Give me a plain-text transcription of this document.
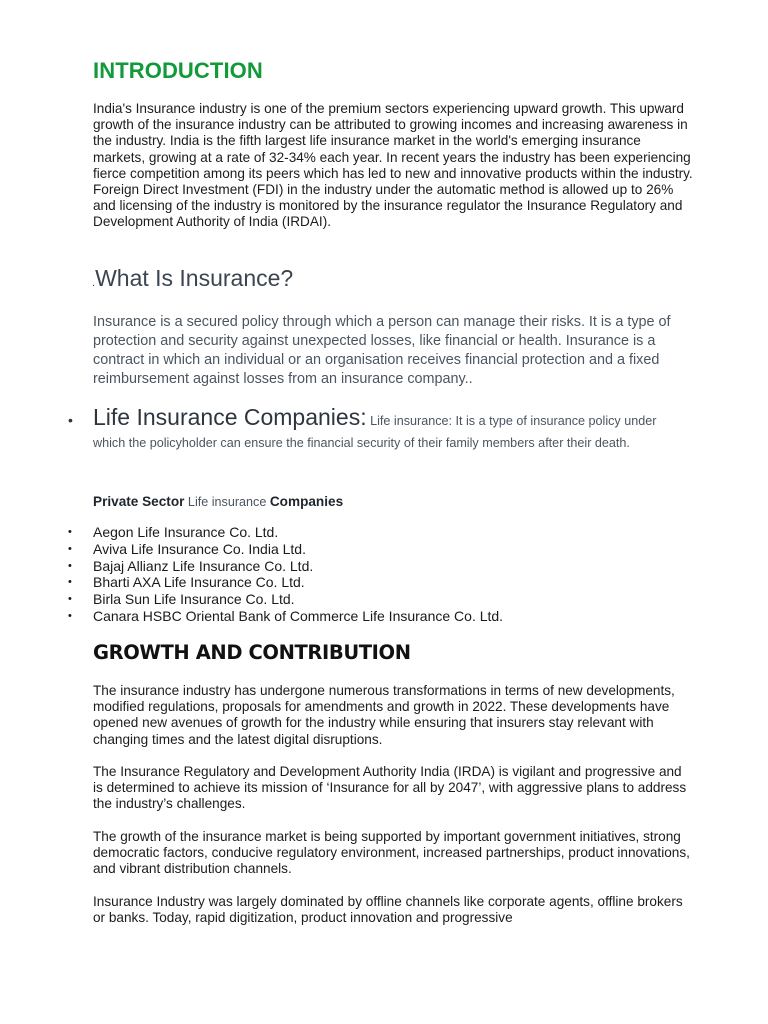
INTRODUCTION

India's Insurance industry is one of the premium sectors experiencing upward growth. This upward growth of the insurance industry can be attributed to growing incomes and increasing awareness in the industry. India is the fifth largest life insurance market in the world's emerging insurance markets, growing at a rate of 32-34% each year. In recent years the industry has been experiencing fierce competition among its peers which has led to new and innovative products within the industry. Foreign Direct Investment (FDI) in the industry under the automatic method is allowed up to 26% and licensing of the industry is monitored by the insurance regulator the Insurance Regulatory and Development Authority of India (IRDAI).

.What Is Insurance?

Insurance is a secured policy through which a person can manage their risks. It is a type of protection and security against unexpected losses, like financial or health. Insurance is a contract in which an individual or an organisation receives financial protection and a fixed reimbursement against losses from an insurance company..

• Life Insurance Companies: Life insurance: It is a type of insurance policy under which the policyholder can ensure the financial security of their family members after their death.

Private Sector Life insurance Companies

• Aegon Life Insurance Co. Ltd.
• Aviva Life Insurance Co. India Ltd.
• Bajaj Allianz Life Insurance Co. Ltd.
• Bharti AXA Life Insurance Co. Ltd.
• Birla Sun Life Insurance Co. Ltd.
• Canara HSBC Oriental Bank of Commerce Life Insurance Co. Ltd.
GROWTH AND CONTRIBUTION

The insurance industry has undergone numerous transformations in terms of new developments, modified regulations, proposals for amendments and growth in 2022. These developments have opened new avenues of growth for the industry while ensuring that insurers stay relevant with changing times and the latest digital disruptions.

The Insurance Regulatory and Development Authority India (IRDA) is vigilant and progressive and is determined to achieve its mission of ‘Insurance for all by 2047’, with aggressive plans to address the industry’s challenges.

The growth of the insurance market is being supported by important government initiatives, strong democratic factors, conducive regulatory environment, increased partnerships, product innovations, and vibrant distribution channels.

Insurance Industry was largely dominated by offline channels like corporate agents, offline brokers or banks. Today, rapid digitization, product innovation and progressive
